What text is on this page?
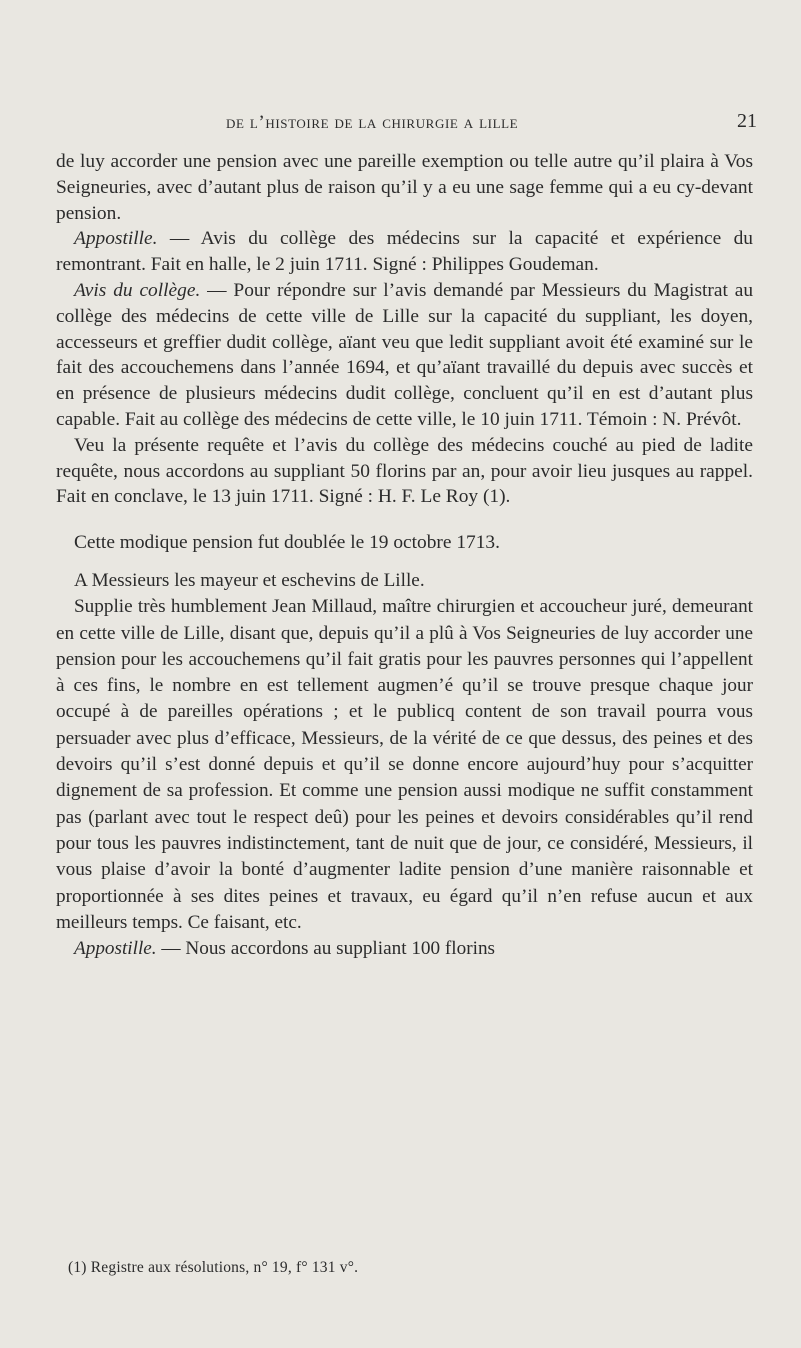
de l’histoire de la chirurgie a lille	21

de luy accorder une pension avec une pareille exemption ou telle autre qu’il plaira à Vos Seigneuries, avec d’autant plus de raison qu’il y a eu une sage femme qui a eu cy-devant pension.

Appostille. — Avis du collège des médecins sur la capacité et expérience du remontrant. Fait en halle, le 2 juin 1711. Signé : Philippes Goudeman.

Avis du collège. — Pour répondre sur l’avis demandé par Messieurs du Magistrat au collège des médecins de cette ville de Lille sur la capacité du suppliant, les doyen, accesseurs et greffier dudit collège, aïant veu que ledit suppliant avoit été examiné sur le fait des accouchemens dans l’année 1694, et qu’aïant travaillé du depuis avec succès et en présence de plusieurs médecins dudit collège, concluent qu’il en est d’autant plus capable. Fait au collège des médecins de cette ville, le 10 juin 1711. Témoin : N. Prévôt.

Veu la présente requête et l’avis du collège des médecins couché au pied de ladite requête, nous accordons au suppliant 50 florins par an, pour avoir lieu jusques au rappel. Fait en conclave, le 13 juin 1711. Signé : H. F. Le Roy (1).

Cette modique pension fut doublée le 19 octobre 1713.

A Messieurs les mayeur et eschevins de Lille.

Supplie très humblement Jean Millaud, maître chirurgien et accoucheur juré, demeurant en cette ville de Lille, disant que, depuis qu’il a plû à Vos Seigneuries de luy accorder une pension pour les accouchemens qu’il fait gratis pour les pauvres personnes qui l’appellent à ces fins, le nombre en est tellement augmen’é qu’il se trouve presque chaque jour occupé à de pareilles opérations ; et le publicq content de son travail pourra vous persuader avec plus d’efficace, Messieurs, de la vérité de ce que dessus, des peines et des devoirs qu’il s’est donné depuis et qu’il se donne encore aujourd’huy pour s’acquitter dignement de sa profession. Et comme une pension aussi modique ne suffit constamment pas (parlant avec tout le respect deû) pour les peines et devoirs considérables qu’il rend pour tous les pauvres indistinctement, tant de nuit que de jour, ce considéré, Messieurs, il vous plaise d’avoir la bonté d’augmenter ladite pension d’une manière raisonnable et proportionnée à ses dites peines et travaux, eu égard qu’il n’en refuse aucun et aux meilleurs temps. Ce faisant, etc.

Appostille. — Nous accordons au suppliant 100 florins

(1) Registre aux résolutions, n° 19, f° 131 v°.
